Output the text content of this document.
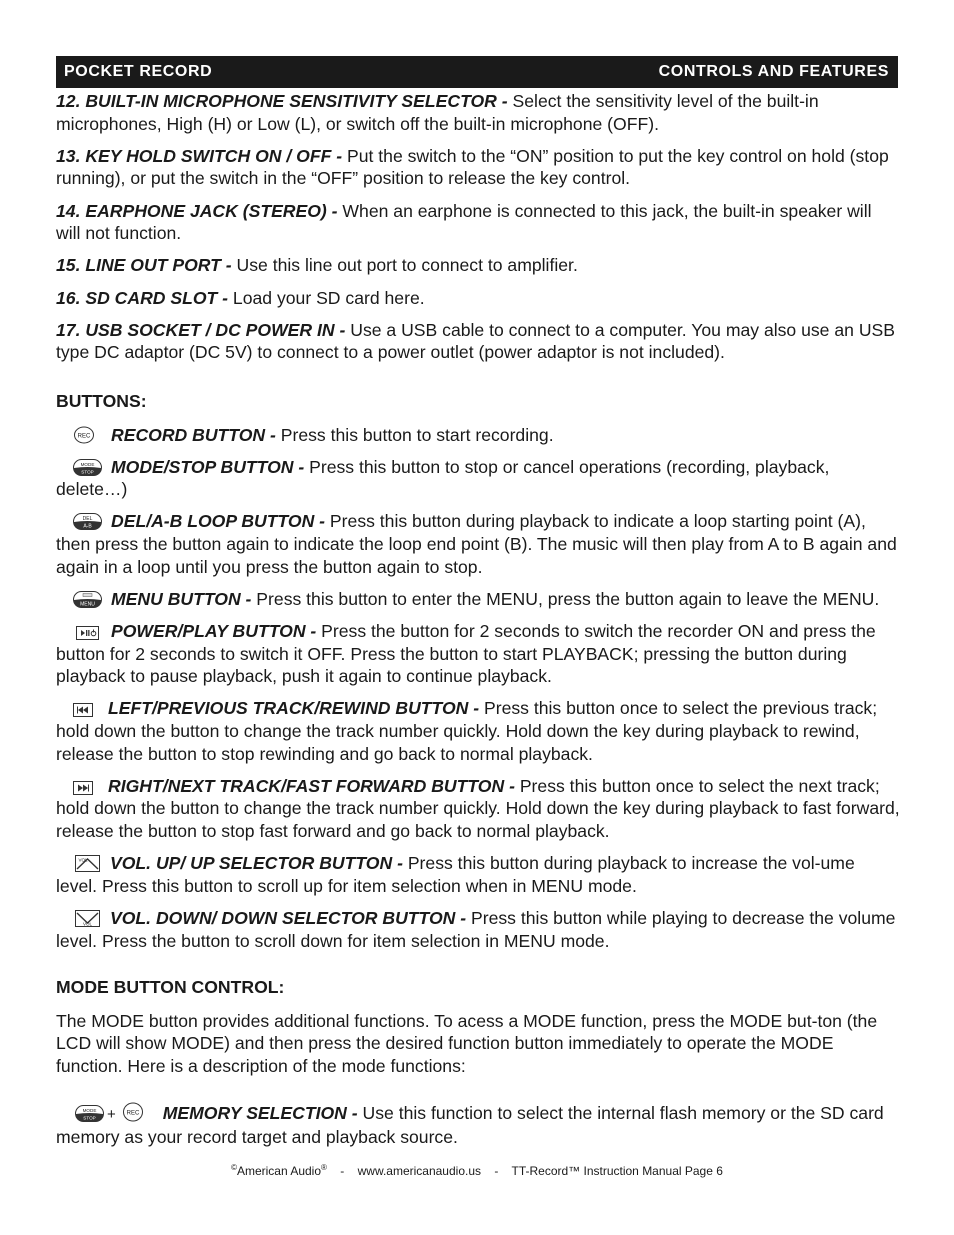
POCKET RECORD	CONTROLS AND FEATURES

12. BUILT-IN MICROPHONE SENSITIVITY SELECTOR - Select the sensitivity level of the built-in microphones, High (H) or Low (L), or switch off the built-in microphone (OFF).

13. KEY HOLD SWITCH ON / OFF - Put the switch to the “ON” position to put the key control on hold (stop running), or put the switch in the “OFF” position to release the key control.

14. EARPHONE JACK (STEREO) - When an earphone is connected to this jack, the built-in speaker will will not function.

15. LINE OUT PORT - Use this line out port to connect to amplifier.

16. SD CARD SLOT - Load your SD card here.

17. USB SOCKET / DC POWER IN - Use a USB cable to connect to a computer. You may also use an USB type DC adaptor (DC 5V) to connect to a power outlet (power adaptor is not included).

BUTTONS:

REC RECORD BUTTON - Press this button to start recording.

MODE
STOP MODE/STOP BUTTON - Press this button to stop or cancel operations (recording, playback, delete…)

DEL
A-B DEL/A-B LOOP BUTTON - Press this button during playback to indicate a loop starting point (A), then press the button again to indicate the loop end point (B). The music will then play from A to B again and again in a loop until you press the button again to stop.

MENU MENU BUTTON - Press this button to enter the MENU, press the button again to leave the MENU.

POWER/PLAY BUTTON - Press the button for 2 seconds to switch the recorder ON and press the button for 2 seconds to switch it OFF. Press the button to start PLAYBACK; pressing the button during playback to pause playback, push it again to continue playback.

LEFT/PREVIOUS TRACK/REWIND BUTTON - Press this button once to select the previous track; hold down the button to change the track number quickly. Hold down the key during playback to rewind, release the button to stop rewinding and go back to normal playback.

RIGHT/NEXT TRACK/FAST FORWARD BUTTON - Press this button once to select the next track; hold down the button to change the track number quickly. Hold down the key during playback to fast forward, release the button to stop fast forward and go back to normal playback.

VOL VOL. UP/ UP SELECTOR BUTTON - Press this button during playback to increase the vol-ume level. Press this button to scroll up for item selection when in MENU mode.

VOL VOL. DOWN/ DOWN SELECTOR BUTTON - Press this button while playing to decrease the volume level. Press the button to scroll down for item selection in MENU mode.

MODE BUTTON CONTROL:

The MODE button provides additional functions. To acess a MODE function, press the MODE but-ton (the LCD will show MODE) and then press the desired function button immediately to operate the MODE function. Here is a description of the mode functions:

MODE
STOP + REC MEMORY SELECTION - Use this function to select the internal flash memory or the SD card memory as your record target and playback source.

©American Audio® - www.americanaudio.us - TT-Record™ Instruction Manual Page 6
